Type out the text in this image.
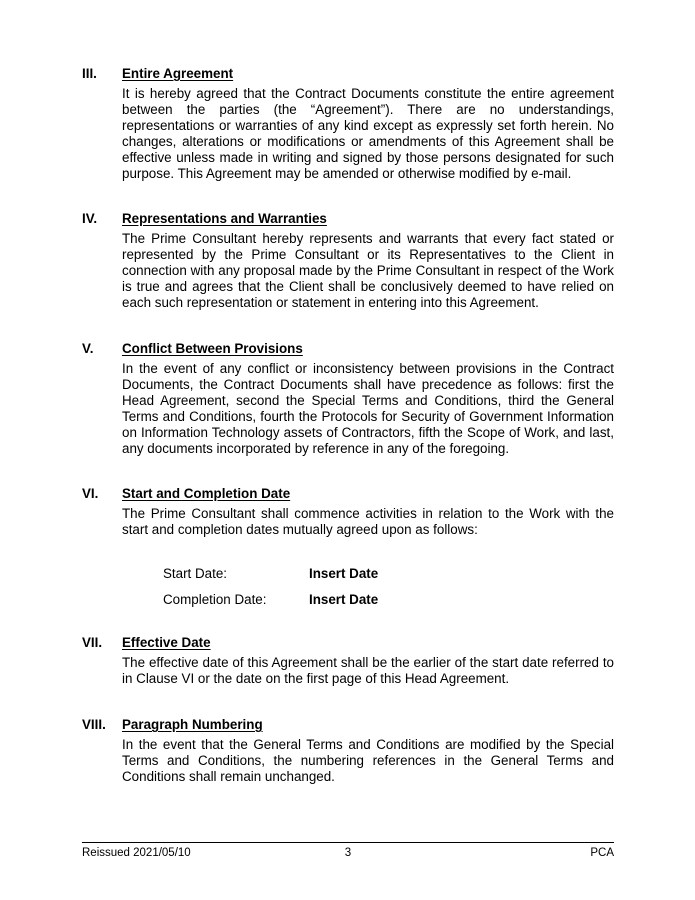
III.	Entire Agreement
It is hereby agreed that the Contract Documents constitute the entire agreement between the parties (the “Agreement”). There are no understandings, representations or warranties of any kind except as expressly set forth herein. No changes, alterations or modifications or amendments of this Agreement shall be effective unless made in writing and signed by those persons designated for such purpose. This Agreement may be amended or otherwise modified by e-mail.
IV.	Representations and Warranties
The Prime Consultant hereby represents and warrants that every fact stated or represented by the Prime Consultant or its Representatives to the Client in connection with any proposal made by the Prime Consultant in respect of the Work is true and agrees that the Client shall be conclusively deemed to have relied on each such representation or statement in entering into this Agreement.
V.	Conflict Between Provisions
In the event of any conflict or inconsistency between provisions in the Contract Documents, the Contract Documents shall have precedence as follows: first the Head Agreement, second the Special Terms and Conditions, third the General Terms and Conditions, fourth the Protocols for Security of Government Information on Information Technology assets of Contractors, fifth the Scope of Work, and last, any documents incorporated by reference in any of the foregoing.
VI.	Start and Completion Date
The Prime Consultant shall commence activities in relation to the Work with the start and completion dates mutually agreed upon as follows:
Start Date:	Insert Date
Completion Date:	Insert Date
VII.	Effective Date
The effective date of this Agreement shall be the earlier of the start date referred to in Clause VI or the date on the first page of this Head Agreement.
VIII.	Paragraph Numbering
In the event that the General Terms and Conditions are modified by the Special Terms and Conditions, the numbering references in the General Terms and Conditions shall remain unchanged.
Reissued 2021/05/10	3	PCA
